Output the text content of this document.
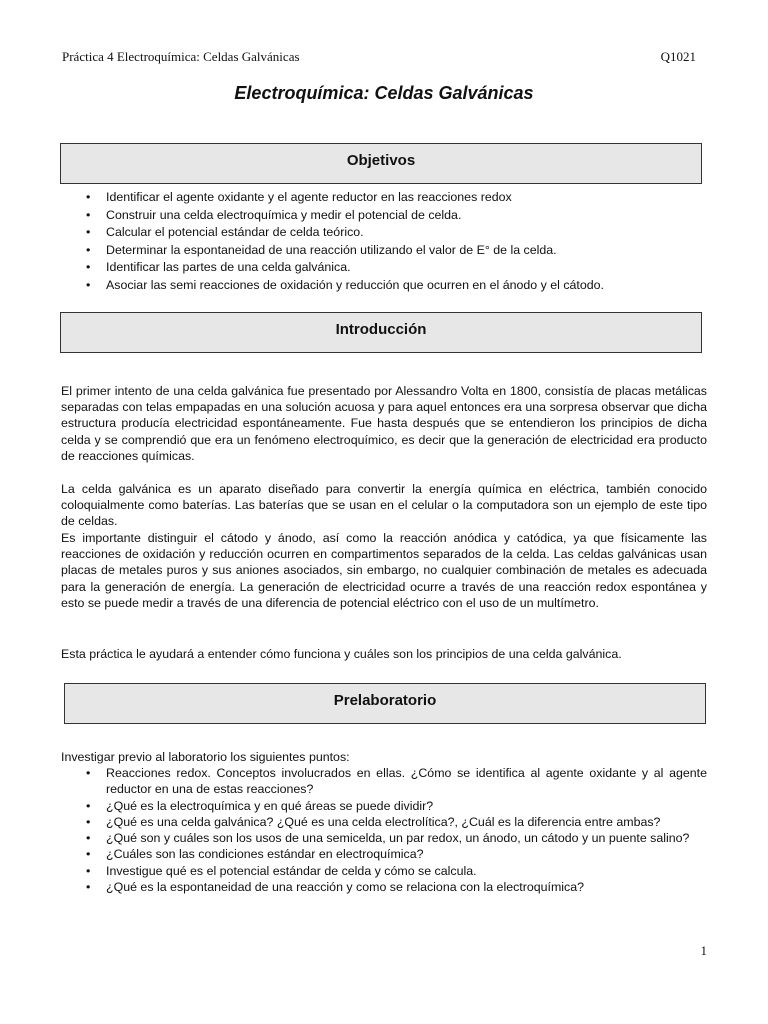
Práctica 4 Electroquímica: Celdas Galvánicas	Q1021
Electroquímica: Celdas Galvánicas
Objetivos
• Identificar el agente oxidante y el agente reductor en las reacciones redox
• Construir una celda electroquímica y medir el potencial de celda.
• Calcular el potencial estándar de celda teórico.
• Determinar la espontaneidad de una reacción utilizando el valor de E° de la celda.
• Identificar las partes de una celda galvánica.
• Asociar las semi reacciones de oxidación y reducción que ocurren en el ánodo y el cátodo.
Introducción

El primer intento de una celda galvánica fue presentado por Alessandro Volta en 1800, consistía de placas metálicas separadas con telas empapadas en una solución acuosa y para aquel entonces era una sorpresa observar que dicha estructura producía electricidad espontáneamente. Fue hasta después que se entendieron los principios de dicha celda y se comprendió que era un fenómeno electroquímico, es decir que la generación de electricidad era producto de reacciones químicas.

La celda galvánica es un aparato diseñado para convertir la energía química en eléctrica, también conocido coloquialmente como baterías. Las baterías que se usan en el celular o la computadora son un ejemplo de este tipo de celdas.

Es importante distinguir el cátodo y ánodo, así como la reacción anódica y catódica, ya que físicamente las reacciones de oxidación y reducción ocurren en compartimentos separados de la celda. Las celdas galvánicas usan placas de metales puros y sus aniones asociados, sin embargo, no cualquier combinación de metales es adecuada para la generación de energía. La generación de electricidad ocurre a través de una reacción redox espontánea y esto se puede medir a través de una diferencia de potencial eléctrico con el uso de un multímetro.

Esta práctica le ayudará a entender cómo funciona y cuáles son los principios de una celda galvánica.

Prelaboratorio

Investigar previo al laboratorio los siguientes puntos:

• Reacciones redox. Conceptos involucrados en ellas. ¿Cómo se identifica al agente oxidante y al agente reductor en una de estas reacciones?
• ¿Qué es la electroquímica y en qué áreas se puede dividir?
• ¿Qué es una celda galvánica? ¿Qué es una celda electrolítica?, ¿Cuál es la diferencia entre ambas?
• ¿Qué son y cuáles son los usos de una semicelda, un par redox, un ánodo, un cátodo y un puente salino?
• ¿Cuáles son las condiciones estándar en electroquímica?
• Investigue qué es el potencial estándar de celda y cómo se calcula.
• ¿Qué es la espontaneidad de una reacción y como se relaciona con la electroquímica?
1
